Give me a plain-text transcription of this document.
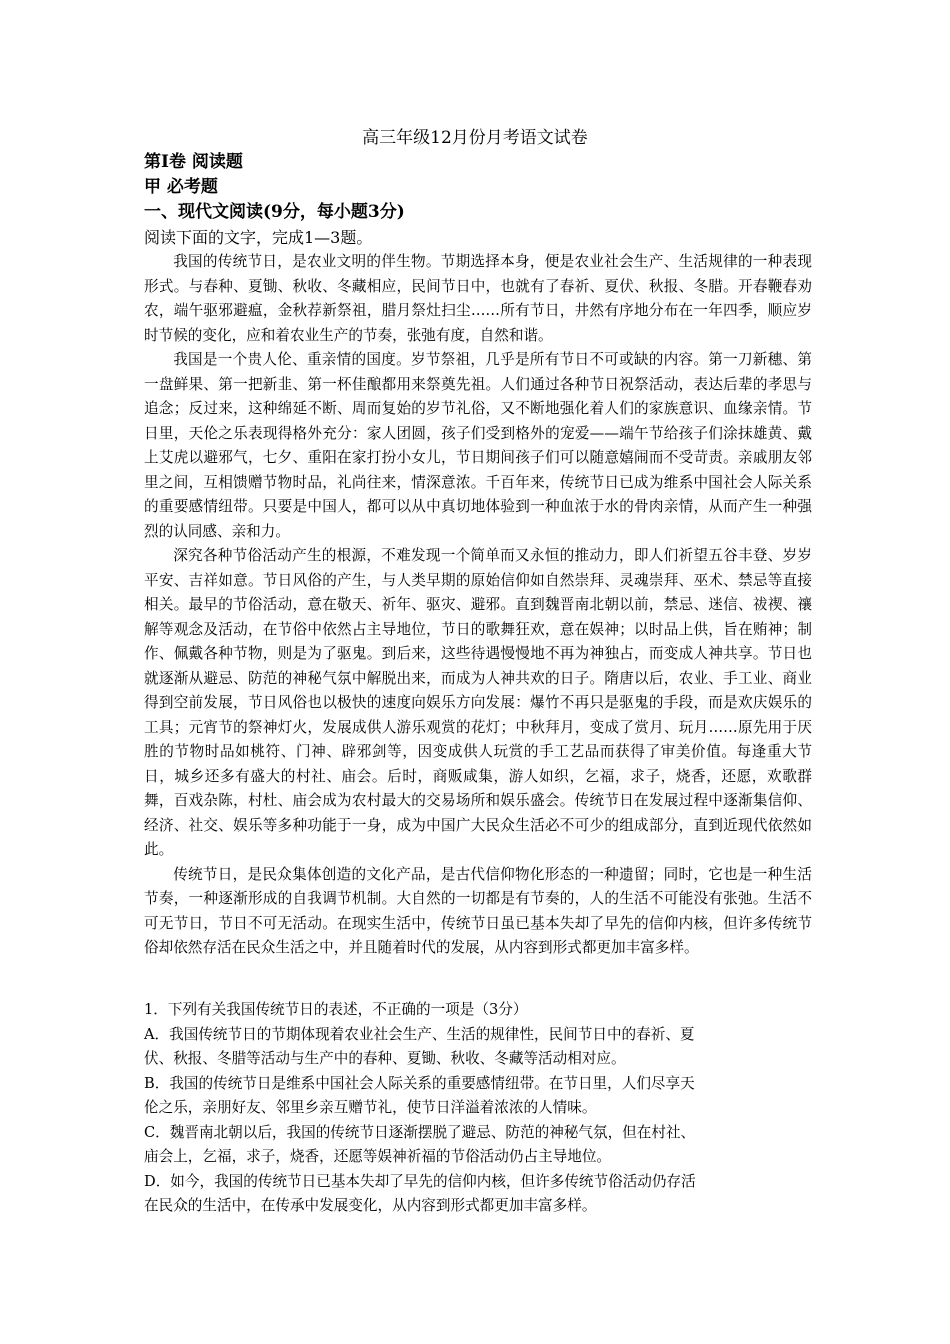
高三年级12月份月考语文试卷
第Ⅰ卷 阅读题
甲 必考题
一、现代文阅读(9分，每小题3分)
阅读下面的文字，完成1—3题。

我国的传统节日，是农业文明的伴生物。节期选择本身，便是农业社会生产、生活规律的一种表现形式。与春种、夏锄、秋收、冬藏相应，民间节日中，也就有了春祈、夏伏、秋报、冬腊。开春鞭春劝农，端午驱邪避瘟，金秋荐新祭祖，腊月祭灶扫尘……所有节日，井然有序地分布在一年四季，顺应岁时节候的变化，应和着农业生产的节奏，张弛有度，自然和谐。

我国是一个贵人伦、重亲情的国度。岁节祭祖，几乎是所有节日不可或缺的内容。第一刀新穗、第一盘鲜果、第一把新韭、第一杯佳酿都用来祭奠先祖。人们通过各种节日祝祭活动，表达后辈的孝思与追念；反过来，这种绵延不断、周而复始的岁节礼俗，又不断地强化着人们的家族意识、血缘亲情。节日里，天伦之乐表现得格外充分：家人团圆，孩子们受到格外的宠爱——端午节给孩子们涂抹雄黄、戴上艾虎以避邪气，七夕、重阳在家打扮小女儿，节日期间孩子们可以随意嬉闹而不受苛责。亲戚朋友邻里之间，互相馈赠节物时品，礼尚往来，情深意浓。千百年来，传统节日已成为维系中国社会人际关系的重要感情纽带。只要是中国人，都可以从中真切地体验到一种血浓于水的骨肉亲情，从而产生一种强烈的认同感、亲和力。

深究各种节俗活动产生的根源，不难发现一个简单而又永恒的推动力，即人们祈望五谷丰登、岁岁平安、吉祥如意。节日风俗的产生，与人类早期的原始信仰如自然崇拜、灵魂崇拜、巫术、禁忌等直接相关。最早的节俗活动，意在敬天、祈年、驱灾、避邪。直到魏晋南北朝以前，禁忌、迷信、祓禊、禳解等观念及活动，在节俗中依然占主导地位，节日的歌舞狂欢，意在娱神；以时品上供，旨在贿神；制作、佩戴各种节物，则是为了驱鬼。到后来，这些待遇慢慢地不再为神独占，而变成人神共享。节日也就逐渐从避忌、防范的神秘气氛中解脱出来，而成为人神共欢的日子。隋唐以后，农业、手工业、商业得到空前发展，节日风俗也以极快的速度向娱乐方向发展：爆竹不再只是驱鬼的手段，而是欢庆娱乐的工具；元宵节的祭神灯火，发展成供人游乐观赏的花灯；中秋拜月，变成了赏月、玩月……原先用于厌胜的节物时品如桃符、门神、辟邪剑等，因变成供人玩赏的手工艺品而获得了审美价值。每逢重大节日，城乡还多有盛大的村社、庙会。后时，商贩咸集，游人如织，乞福，求子，烧香，还愿，欢歌群舞，百戏杂陈，村杜、庙会成为农村最大的交易场所和娱乐盛会。传统节日在发展过程中逐渐集信仰、经济、社交、娱乐等多种功能于一身，成为中国广大民众生活必不可少的组成部分，直到近现代依然如此。

传统节日，是民众集体创造的文化产品，是古代信仰物化形态的一种遗留；同时，它也是一种生活节奏，一种逐渐形成的自我调节机制。大自然的一切都是有节奏的，人的生活不可能没有张弛。生活不可无节日，节日不可无活动。在现实生活中，传统节日虽已基本失却了早先的信仰内核，但许多传统节俗却依然存活在民众生活之中，并且随着时代的发展，从内容到形式都更加丰富多样。

1．下列有关我国传统节日的表述，不正确的一项是（3分）
A．我国传统节日的节期体现着农业社会生产、生活的规律性，民间节日中的春祈、夏
伏、秋报、冬腊等活动与生产中的春种、夏锄、秋收、冬藏等活动相对应。
B．我国的传统节日是维系中国社会人际关系的重要感情纽带。在节日里，人们尽享天
伦之乐，亲朋好友、邻里乡亲互赠节礼，使节日洋溢着浓浓的人情味。
C．魏晋南北朝以后，我国的传统节日逐渐摆脱了避忌、防范的神秘气氛，但在村社、
庙会上，乞福，求子，烧香，还愿等娱神祈福的节俗活动仍占主导地位。
D．如今，我国的传统节日已基本失却了早先的信仰内核，但许多传统节俗活动仍存活
在民众的生活中，在传承中发展变化，从内容到形式都更加丰富多样。
